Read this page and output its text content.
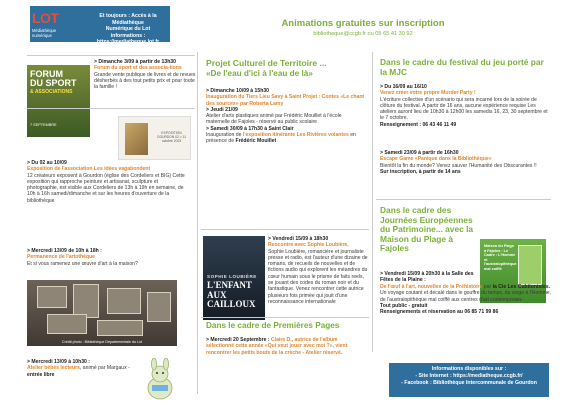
LOT
Médiathèque numérique
Et toujours : Accès à la Médiathèque
Numérique du Lot
informations : https://mediatheque.lot.fr
Animations gratuites sur inscription
bibliotheque@ccgb.fr ou 05 65 41 30 92
FORUM
DU SPORT
& ASSOCIATIONS
7 SEPTEMBRE
> Dimanche 3/09 à partir de 13h30
Forum du sport et des associa-tions
Grande vente publique de livres et de revues désherbés à des tout petits prix et pour toute la famille !
EXPOSITION GOURDON 02 > 11 octobre 2023
> Du 02 au 10/09
Exposition de l'association Les idées vagabondent
12 créateurs exposent à Gourdon (église des Cordeliers et BIG) Cette exposition qui rapproche peinture et artisanat, sculpture et photographie, est visible aux Cordeliers de 13h à 19h en semaine, de 10h à 16h samedi/dimanche et sur les heures d'ouverture de la bibliothèque
> Mercredi 13/09 de 10h à 18h :
Permanence de l'artothèque
Et si vous ramenez une œuvre d'art à la maison?
Crédit photo : Bibliothèque Départementale du Lot
> Mercredi 13/09 à 10h30 :
Atelier bébés lecteurs, animé par Margaux - entrée libre
Projet Culturel de Territoire ...
«De l'eau d'ici à l'eau de là»
> Dimanche 10/09 à 15h30
Inauguration du Tiers Lieu Savy à Saint Projet : Contes «Le chant des sources» par Roberta Lamy
> Jeudi 21/09
Atelier d'arts plastiques animé par Frédéric Mouillet à l'école maternelle de Fajoles - réservé au public scolaire
> Samedi 30/09 à 17h30 à Saint Clair
Inauguration de l'exposition itinérante Les Rivières volantes en présence de Frédéric Mouillet
SOPHIE LOUBIÈRE
L'ENFANT AUX CAILLOUX
> Vendredi 15/09 à 18h30
Rencontre avec Sophie Loubière,
Sophie Loubière, romancière et journaliste presse et radio, est l'auteur d'une dizaine de romans, de recueils de nouvelles et de fictions audio qui explorent les méandres du cœur humain sous le prisme de faits reels, se jouant des codes du roman noir et du fantastique. Venez rencontrer cette autrice plusieurs fois primée qui jouit d'une reconnaissance internationale
Dans le cadre de Premières Pages
> Mercredi 20 Septembre : Claire D., autrice de l'album sélectionné cette année «Qui veut jouer avec moi ?», vient rencontrer les petits bouts de la crèche - Atelier réservé.
Dans le cadre du festival du jeu porté par la MJC
> Du 16/09 au 16/10
Venez créer votre propre Murder Party !
L'écriture collective d'un scénario qui sera incarné lors de la soirée de clôture du festival. A partir de 16 ans, aucune expérience requise Les ateliers auront lieu de 10h30 à 12h00 les samedis 16, 23, 30 septembre et le 7 octobre.
Renseignement : 06 43 46 11 49
> Samedi 23/09 à partir de 16h30
Escape Game «Panique dans la Bibliothèque»
Bientôt la fin du monde? Venez sauver l'Humanité des Obscurantes !!
Sur inscription, à partir de 14 ans
Dans le cadre des Journées Européennes du Patrimoine... avec la Maison du Piage à Fajoles	Maison du Piage à Fajoles : Le Cadre : L'Homme et l'australopithèque mal coiffé
> Vendredi 15/09 à 20h30 à la Salle des Fêtes de la Plaine :
De l'œuf à l'art, nouvelles de la Préhistoire par la Cie Les Cubitonistes.
Un voyage coutant et décalé dans le gouffre du temps, du singe à l'Homme, de l'australopithèque mal coiffé aux centres d'art contemporain.
Tout public - gratuit
Renseignements et réservation au 06 85 71 99 86
Informations disponibles sur :
- Site Internet : https://mediatheque.ccgb.fr/
- Facebook : Bibliothèque Intercommunale de Gourdon
